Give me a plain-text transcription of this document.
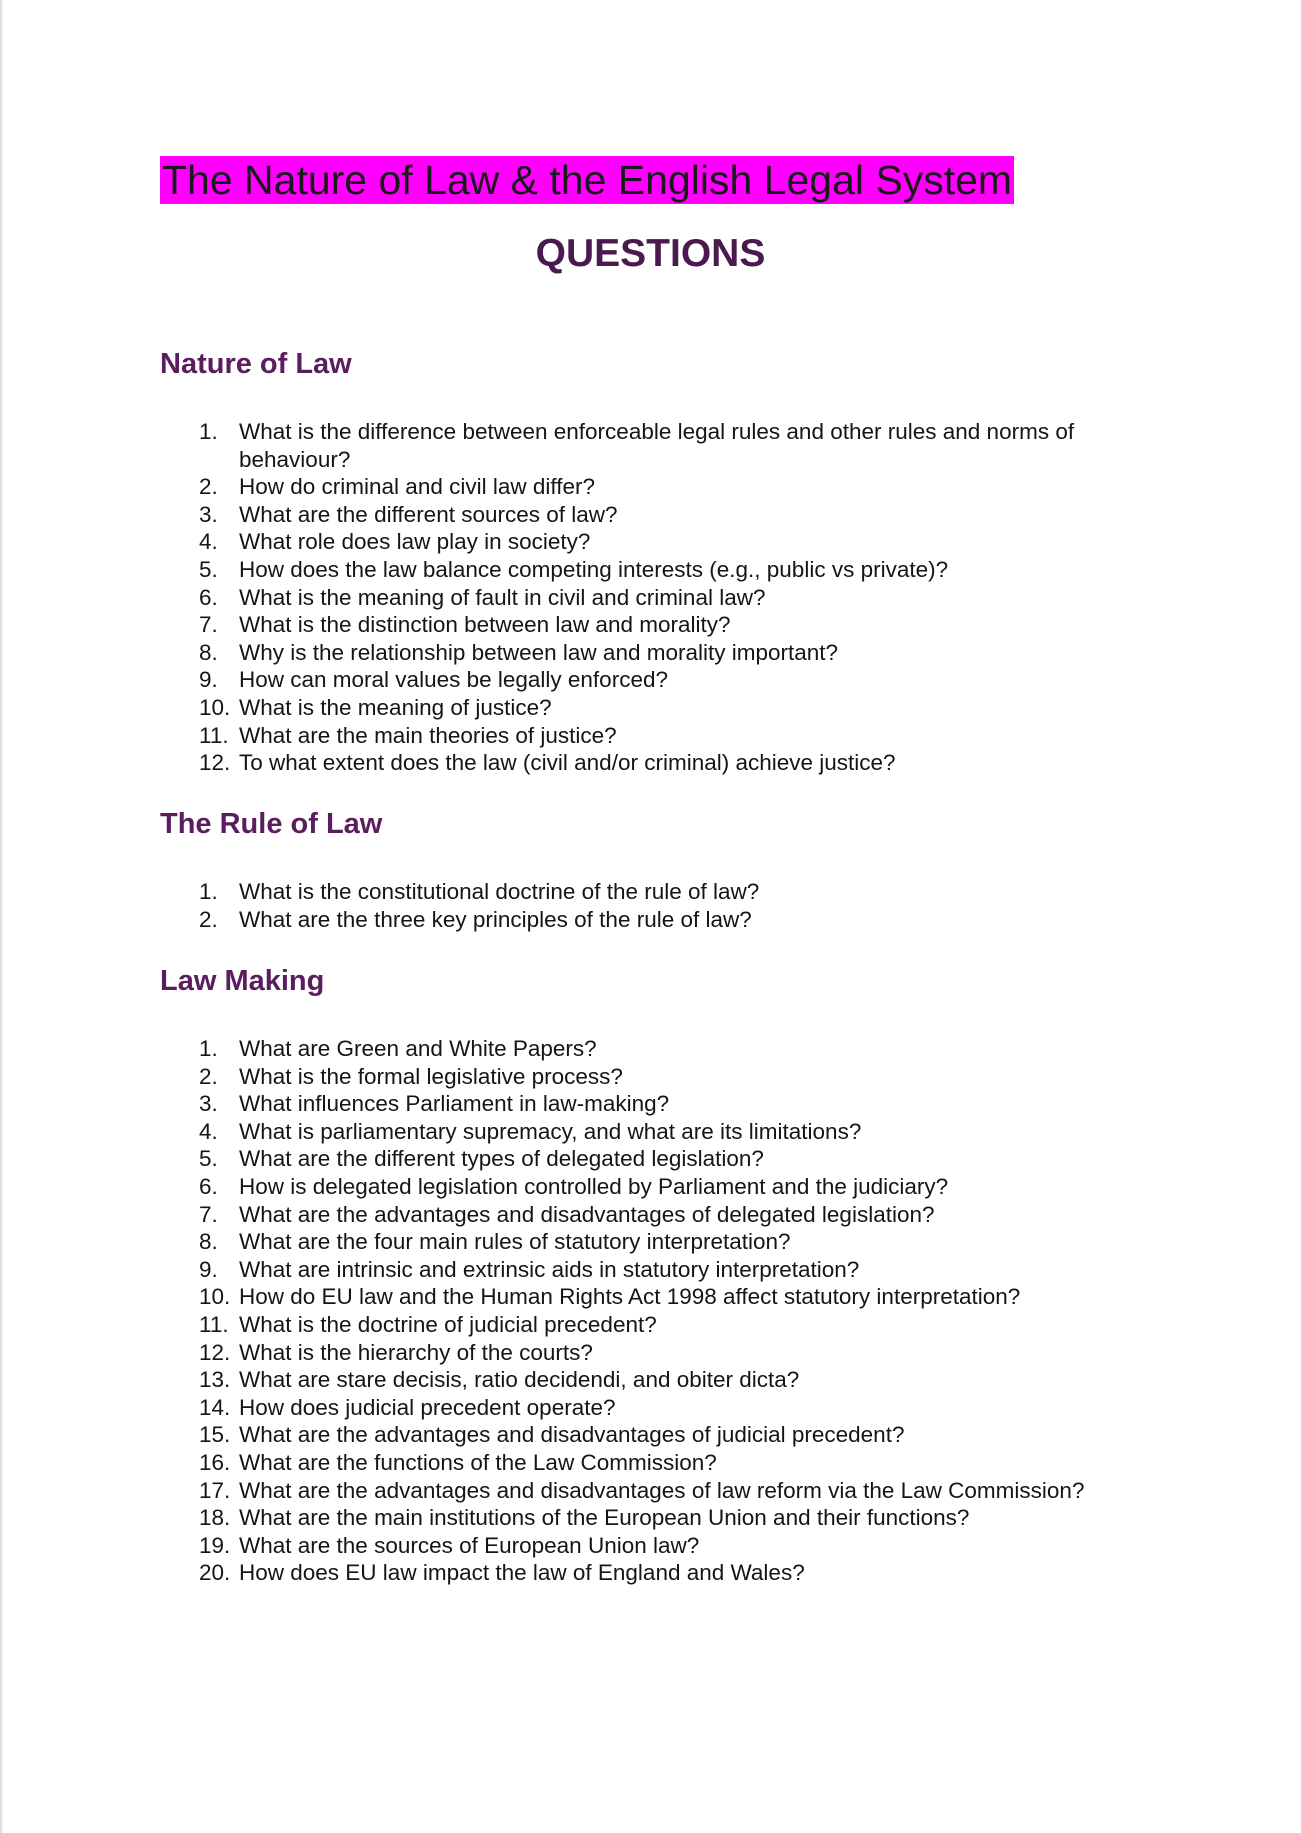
The Nature of Law & the English Legal System
QUESTIONS
Nature of Law
1. What is the difference between enforceable legal rules and other rules and norms of behaviour?
2. How do criminal and civil law differ?
3. What are the different sources of law?
4. What role does law play in society?
5. How does the law balance competing interests (e.g., public vs private)?
6. What is the meaning of fault in civil and criminal law?
7. What is the distinction between law and morality?
8. Why is the relationship between law and morality important?
9. How can moral values be legally enforced?
10. What is the meaning of justice?
11. What are the main theories of justice?
12. To what extent does the law (civil and/or criminal) achieve justice?
The Rule of Law
1. What is the constitutional doctrine of the rule of law?
2. What are the three key principles of the rule of law?
Law Making
1. What are Green and White Papers?
2. What is the formal legislative process?
3. What influences Parliament in law-making?
4. What is parliamentary supremacy, and what are its limitations?
5. What are the different types of delegated legislation?
6. How is delegated legislation controlled by Parliament and the judiciary?
7. What are the advantages and disadvantages of delegated legislation?
8. What are the four main rules of statutory interpretation?
9. What are intrinsic and extrinsic aids in statutory interpretation?
10. How do EU law and the Human Rights Act 1998 affect statutory interpretation?
11. What is the doctrine of judicial precedent?
12. What is the hierarchy of the courts?
13. What are stare decisis, ratio decidendi, and obiter dicta?
14. How does judicial precedent operate?
15. What are the advantages and disadvantages of judicial precedent?
16. What are the functions of the Law Commission?
17. What are the advantages and disadvantages of law reform via the Law Commission?
18. What are the main institutions of the European Union and their functions?
19. What are the sources of European Union law?
20. How does EU law impact the law of England and Wales?
